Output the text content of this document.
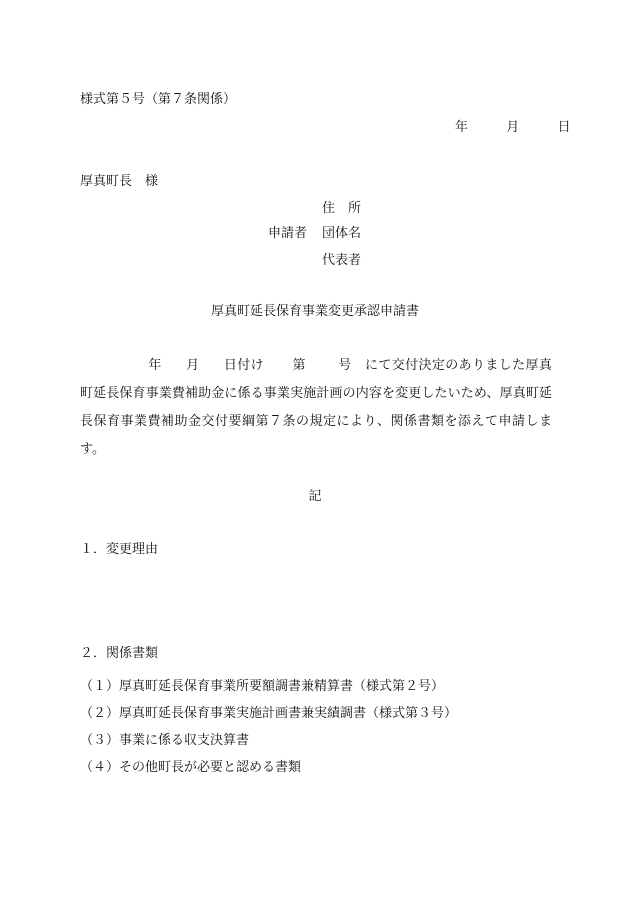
様式第５号（第７条関係）
年	月	日
厚真町長　様
申請者
住　所
団体名
代表者
厚真町延長保育事業変更承認申請書
年 月 日付け 第 号　 にて交付決定のありました厚真町延長保育事業費補助金に係る事業実施計画の内容を変更したいため、厚真町延長保育事業費補助金交付要綱第７条の規定により、関係書類を添えて申請します。
記
１．変更理由
２．関係書類
（１）厚真町延長保育事業所要額調書兼精算書（様式第２号）
（２）厚真町延長保育事業実施計画書兼実績調書（様式第３号）
（３）事業に係る収支決算書
（４）その他町長が必要と認める書類
